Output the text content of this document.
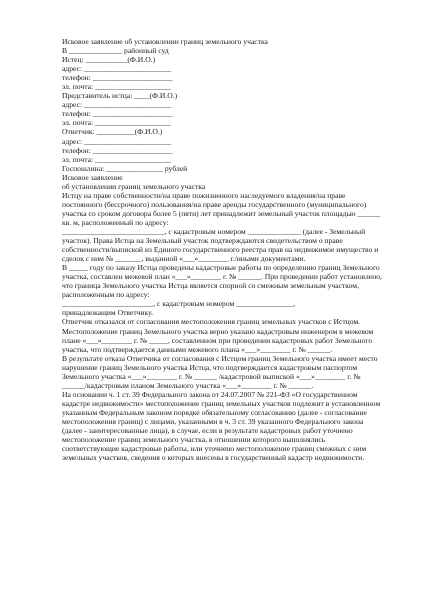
Исковое заявление об установлении границ земельного участка
В ______________ районный суд
Истец: ___________(Ф.И.О.)
адрес: _______________________
телефон: _____________________
эл. почта: ____________________
Представитель истца: ____(Ф.И.О.)
адрес: _______________________
телефон: _____________________
эл. почта: ____________________
Ответчик: __________(Ф.И.О.)
адрес: _______________________
телефон: _____________________
эл. почта: ____________________
Госпошлина: _______________ рублей
Исковое заявление
об установлении границ земельного участка
Истцу на праве собственности/на праве пожизненного наследуемого владения/на праве постоянного (бессрочного) пользования/на праве аренды государственного (муниципального) участка со сроком договора более 5 (пяти) лет принадлежит земельный участок площадью ______ кв. м, расположенный по адресу:
___________________________, с кадастровым номером ______________ (далее - Земельный участок). Права Истца на Земельный участок подтверждаются свидетельством о праве собственности/выпиской из Единого государственного реестра прав на недвижимое имущество и сделок с ним № _______, выданной «___»________ г./иными документами.
В _____ году по заказу Истца проведены кадастровые работы по определению границ Земельного участка, составлен межевой план «___»________ г. № ______. При проведении работ установлено, что граница Земельного участка Истца является спорной со смежным земельным участком, расположенным по адресу:
________________________, с кадастровым номером _______________,
принадлежащим Ответчику.
Ответчик отказался от согласования местоположения границ земельных участков с Истцом.
Местоположение границ Земельного участка верно указано кадастровым инженером в межевом плане «___»________ г. № _____, составленном при проведении кадастровых работ Земельного участка, что подтверждается данными межевого плана «___»________ г. № ______.
В результате отказа Ответчика от согласования с Истцом границ Земельного участка имеет место нарушение границ Земельного участка Истца, что подтверждается кадастровым паспортом Земельного участка «___»________ г. № ______ /кадастровой выпиской «___»________ г. № ______/кадастровым планом Земельного участка «___»________ г. № ______.
На основании ч. 1 ст. 39 Федерального закона от 24.07.2007 № 221-ФЗ «О государственном кадастре недвижимости» местоположение границ земельных участков подлежит в установленном указанным Федеральным законом порядке обязательному согласованию (далее - согласование местоположения границ) с лицами, указанными в ч. 3 ст. 39 указанного Федерального закона (далее - заинтересованные лица), в случае, если в результате кадастровых работ уточнено местоположение границ земельного участка, в отношении которого выполнялись соответствующие кадастровые работы, или уточнено местоположение границ смежных с ним земельных участков, сведения о которых внесены в государственный кадастр недвижимости.
